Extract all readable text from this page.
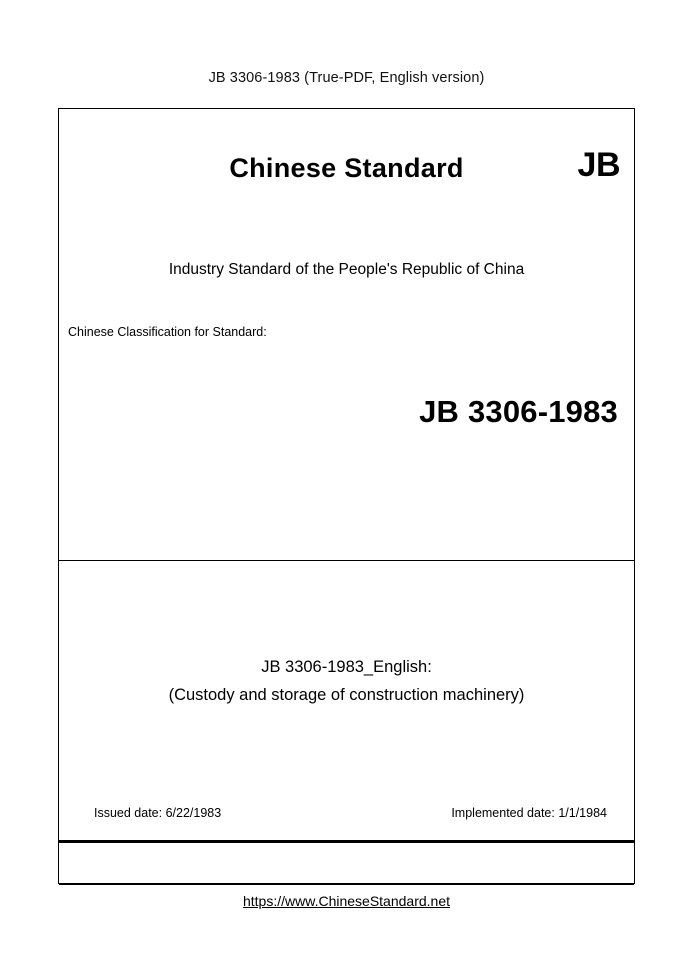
JB 3306-1983 (True-PDF, English version)
Chinese Standard	JB
Industry Standard of the People's Republic of China
Chinese Classification for Standard:
JB 3306-1983
JB 3306-1983_English:
(Custody and storage of construction machinery)
Issued date: 6/22/1983	Implemented date: 1/1/1984
https://www.ChineseStandard.net
